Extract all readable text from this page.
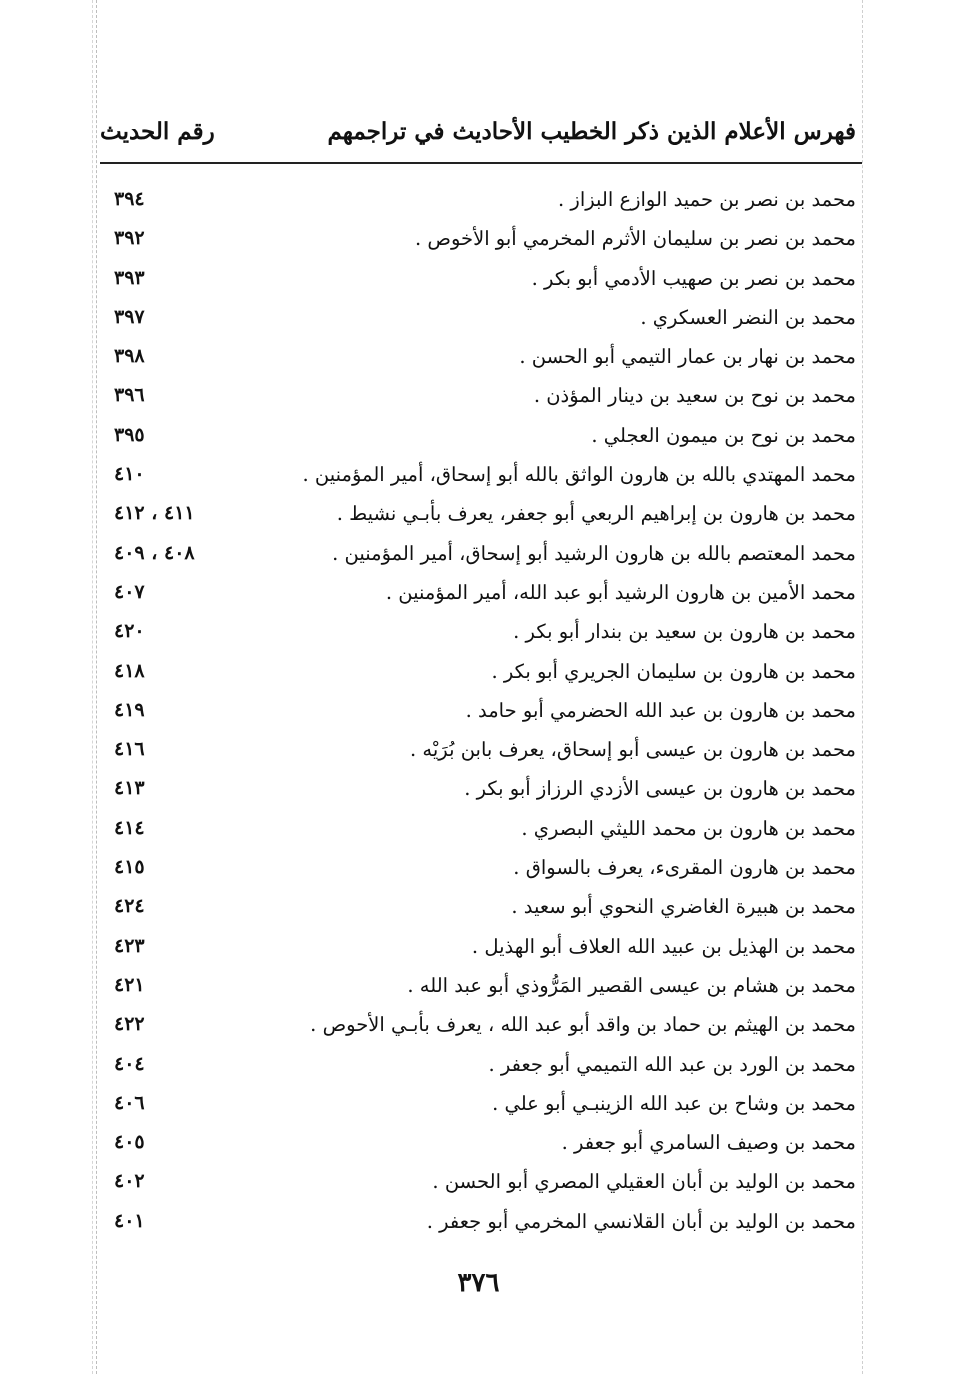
فهرس الأعلام الذين ذكر الخطيب الأحاديث في تراجمهم
رقم الحديث
محمد بن نصر بن حميد الوازع البزاز .
٣٩٤
محمد بن نصر بن سليمان الأثرم المخرمي أبو الأخوص .
٣٩٢
محمد بن نصر بن صهيب الأدمي أبو بكر .
٣٩٣
محمد بن النضر العسكري .
٣٩٧
محمد بن نهار بن عمار التيمي أبو الحسن .
٣٩٨
محمد بن نوح بن سعيد بن دينار المؤذن .
٣٩٦
محمد بن نوح بن ميمون العجلي .
٣٩٥
محمد المهتدي بالله بن هارون الواثق بالله أبو إسحاق، أمير المؤمنين .
٤١٠
محمد بن هارون بن إبراهيم الربعي أبو جعفر، يعرف بأبـي نشيط .
٤١١ ، ٤١٢
محمد المعتصم بالله بن هارون الرشيد أبو إسحاق، أمير المؤمنين .
٤٠٨ ، ٤٠٩
محمد الأمين بن هارون الرشيد أبو عبد الله، أمير المؤمنين .
٤٠٧
محمد بن هارون بن سعيد بن بندار أبو بكر .
٤٢٠
محمد بن هارون بن سليمان الجريري أبو بكر .
٤١٨
محمد بن هارون بن عبد الله الحضرمي أبو حامد .
٤١٩
محمد بن هارون بن عيسى أبو إسحاق، يعرف بابن بُرَيْه .
٤١٦
محمد بن هارون بن عيسى الأزدي الرزاز أبو بكر .
٤١٣
محمد بن هارون بن محمد الليثي البصري .
٤١٤
محمد بن هارون المقرىء، يعرف بالسواق .
٤١٥
محمد بن هبيرة الغاضري النحوي أبو سعيد .
٤٢٤
محمد بن الهذيل بن عبيد الله العلاف أبو الهذيل .
٤٢٣
محمد بن هشام بن عيسى القصير المَرُّوذي أبو عبد الله .
٤٢١
محمد بن الهيثم بن حماد بن واقد أبو عبد الله ، يعرف بأبـي الأحوص .
٤٢٢
محمد بن الورد بن عبد الله التميمي أبو جعفر .
٤٠٤
محمد بن وشاح بن عبد الله الزينبـي أبو علي .
٤٠٦
محمد بن وصيف السامري أبو جعفر .
٤٠٥
محمد بن الوليد بن أبان العقيلي المصري أبو الحسن .
٤٠٢
محمد بن الوليد بن أبان القلانسي المخرمي أبو جعفر .
٤٠١
٣٧٦
